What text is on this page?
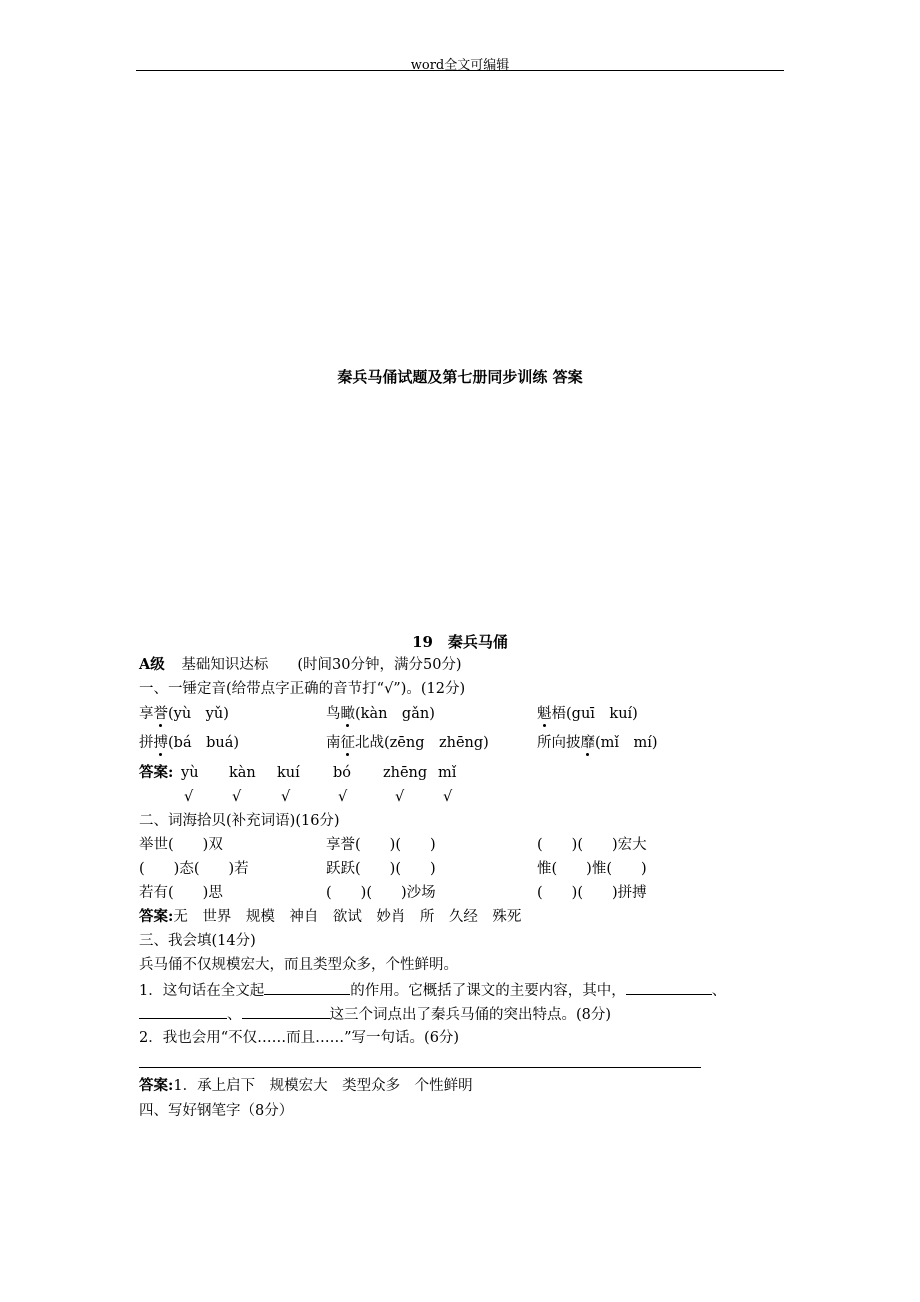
word全文可编辑
秦兵马俑试题及第七册同步训练 答案
19　秦兵马俑
A级 基础知识达标　　(时间30分钟，满分50分)
一、一锤定音(给带点字正确的音节打“√”)。(12分)
享誉(yù　yǔ)	鸟瞰(kàn　gǎn)	魁梧(guī　kuí)
拼搏(bá　buá)	南征北战(zēng　zhēng)	所向披靡(mǐ　mí)
答案: yù kàn kuí bó zhēng mǐ
√	√	√	√	√	√
二、词海拾贝(补充词语)(16分)
举世(　　)双	享誉(　　)(　　)	(　　)(　　)宏大
(　　)态(　　)若	跃跃(　　)(　　)	惟(　　)惟(　　)
若有(　　)思	(　　)(　　)沙场	(　　)(　　)拼搏
答案:无　世界　规模　神自　欲试　妙肖　所　久经　殊死
三、我会填(14分)
兵马俑不仅规模宏大，而且类型众多，个性鲜明。
1．这句话在全文起	的作用。它概括了课文的主要内容，其中，	、
、	这三个词点出了秦兵马俑的突出特点。(8分)
2．我也会用“不仅……而且……”写一句话。(6分)
答案:1．承上启下　规模宏大　类型众多　个性鲜明
四、写好钢笔字（8分）
